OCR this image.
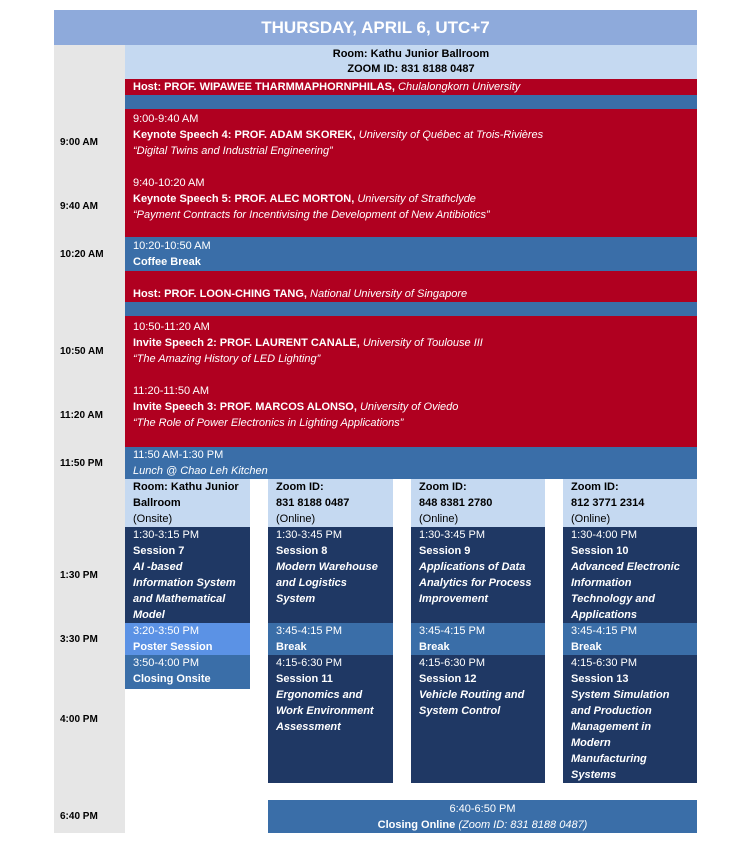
THURSDAY, APRIL 6, UTC+7
Room: Kathu Junior Ballroom
ZOOM ID: 831 8188 0487
Host: PROF. WIPAWEE THARMMAPHORNPHILAS, Chulalongkorn University
9:00-9:40 AM
Keynote Speech 4: PROF. ADAM SKOREK, University of Québec at Trois-Rivières
“Digital Twins and Industrial Engineering”
9:40-10:20 AM
Keynote Speech 5: PROF. ALEC MORTON, University of Strathclyde
“Payment Contracts for Incentivising the Development of New Antibiotics”
10:20-10:50 AM
Coffee Break
Host: PROF. LOON-CHING TANG, National University of Singapore
10:50-11:20 AM
Invite Speech 2: PROF. LAURENT CANALE, University of Toulouse III
“The Amazing History of LED Lighting”
11:20-11:50 AM
Invite Speech 3: PROF. MARCOS ALONSO, University of Oviedo
“The Role of Power Electronics in Lighting Applications”
11:50 AM-1:30 PM
Lunch @ Chao Leh Kitchen
Room: Kathu Junior
Ballroom
(Onsite)
Zoom ID:
831 8188 0487
(Online)
Zoom ID:
848 8381 2780
(Online)
Zoom ID:
812 3771 2314
(Online)
1:30-3:15 PM
Session 7
AI -based
Information System
and Mathematical
Model
1:30-3:45 PM
Session 8
Modern Warehouse
and Logistics
System
1:30-3:45 PM
Session 9
Applications of Data
Analytics for Process
Improvement
1:30-4:00 PM
Session 10
Advanced Electronic
Information
Technology and
Applications
3:20-3:50 PM
Poster Session
3:50-4:00 PM
Closing Onsite
3:45-4:15 PM
Break
3:45-4:15 PM
Break
3:45-4:15 PM
Break
4:15-6:30 PM
Session 11
Ergonomics and
Work Environment
Assessment
4:15-6:30 PM
Session 12
Vehicle Routing and
System Control
4:15-6:30 PM
Session 13
System Simulation
and Production
Management in
Modern
Manufacturing
Systems
6:40-6:50 PM
Closing Online (Zoom ID: 831 8188 0487)
9:00 AM
9:40 AM
10:20 AM
10:50 AM
11:20 AM
11:50 PM
1:30 PM
3:30 PM
4:00 PM
6:40 PM
